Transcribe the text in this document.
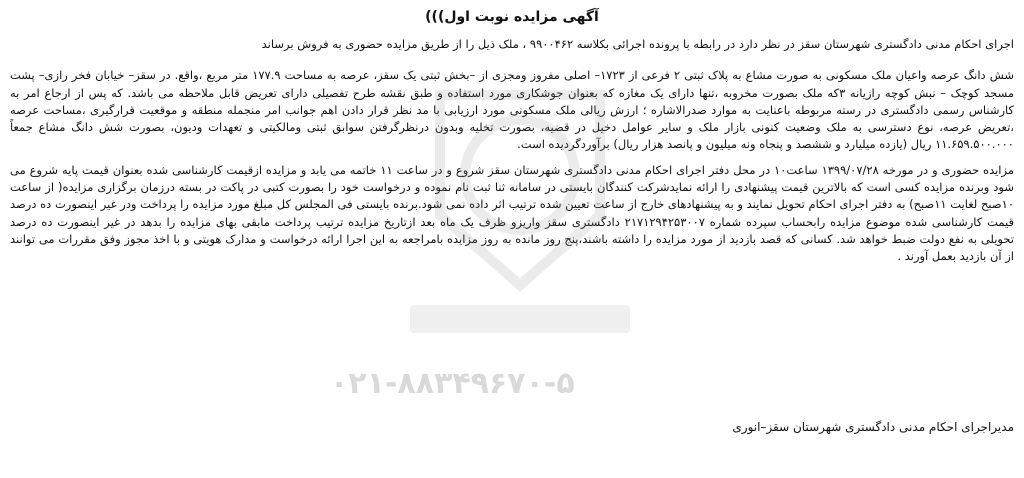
آگهی مزایده نوبت اول)))

اجرای احکام مدنی دادگستری شهرستان سقز در نظر دارد در رابطه با پرونده اجرائی بکلاسه ۹۹۰۰۴۶۲ ، ملک ذیل را از طریق مزایده حضوری به فروش برساند

شش دانگ عرصه واعیان ملک مسکونی به صورت مشاع به پلاک ثبتی ۲ فرعی از ۱۷۲۳– اصلی مفروز ومجزی از –بخش ثبتی یک سقز، عرصه به مساحت ۱۷۷.۹ متر مربع ،واقع. در سقز– خیابان فخر رازی– پشت مسجد کوچک – نبش کوچه رازیانه ۳که ملک بصورت مخروبه ،تنها دارای یک مغازه که بعنوان جوشکاری مورد استفاده و طبق نقشه طرح تفصیلی دارای تعریض قابل ملاحظه می باشد. که پس از ارجاع امر به کارشناس رسمی دادگستری در رسته مربوطه باعنایت به موارد صدرالاشاره ؛ ارزش ریالی ملک مسکونی مورد ارزیابی با مد نظر قرار دادن اهم جوانب امر منجمله منطقه و موقعیت قرارگیری ،مساحت عرصه ،تعریض عرصه، نوع دسترسی به ملک وضعیت کنونی بازار ملک و سایر عوامل دخیل در قضیه، بصورت تخلیه وبدون درنظرگرفتن سوابق ثبتی ومالکیتی و تعهدات ودیون، بصورت شش دانگ مشاع جمعاً ۱۱.۶۵۹.۵۰۰.۰۰۰ ریال (یازده میلیارد و ششصد و پنجاه ونه میلیون و پانصد هزار ریال) برآوردگردیده است.

مزایده حضوری و در مورخه ۱۳۹۹/۰۷/۲۸ ساعت۱۰ در محل دفتر اجرای احکام مدنی دادگستری شهرستان سقز شروع و در ساعت ۱۱ خاتمه می یابد و مزایده ازقیمت کارشناسی شده بعنوان قیمت پایه شروع می شود وبرنده مزایده کسی است که بالاترین قیمت پیشنهادی را ارائه نمایدشرکت کنندگان بایستی در سامانه ثنا ثبت نام نموده و درخواست خود را بصورت کتبی در پاکت در بسته درزمان برگزاری مزایده( از ساعت ۱۰صبح لغایت ۱۱صبح) به دفتر اجرای احکام تحویل نمایند و به پیشنهادهای خارج از ساعت تعیین شده ترتیب اثر داده نمی شود.برنده بایستی فی المجلس کل مبلغ مورد مزایده را پرداخت ودر غیر اینصورت ده درصد قیمت کارشناسی شده موضوع مزایده رابحساب سپرده شماره ۲۱۷۱۲۹۴۲۵۳۰۰۷ دادگستری سقز واریزو ظرف یک ماه بعد ازتاریخ مزایده ترتیب پرداخت مابقی بهای مزایده را بدهد در غیر اینصورت ده درصد تحویلی به نفع دولت ضبط خواهد شد. کسانی که قصد بازدید از مورد مزایده را داشته باشند،پنج روز مانده به روز مزایده بامراجعه به این اجرا ارائه درخواست و مدارک هویتی و با اخذ مجوز وفق مقررات می توانند از آن بازدید بعمل آورند .

مدیراجرای احکام مدنی دادگستری شهرستان سقز–انوری
۰۲۱-۸۸۳۴۹۶۷۰-۵
